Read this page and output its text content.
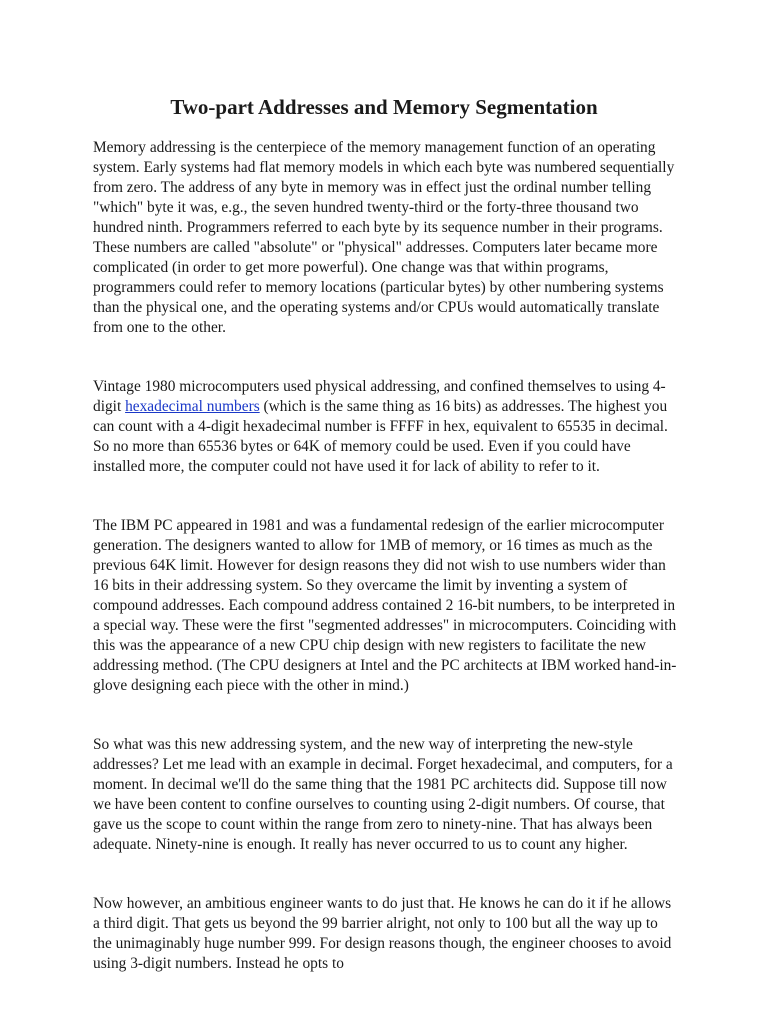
Two-part Addresses and Memory Segmentation

Memory addressing is the centerpiece of the memory management function of an operating system. Early systems had flat memory models in which each byte was numbered sequentially from zero. The address of any byte in memory was in effect just the ordinal number telling "which" byte it was, e.g., the seven hundred twenty-third or the forty-three thousand two hundred ninth. Programmers referred to each byte by its sequence number in their programs. These numbers are called "absolute" or "physical" addresses. Computers later became more complicated (in order to get more powerful). One change was that within programs, programmers could refer to memory locations (particular bytes) by other numbering systems than the physical one, and the operating systems and/or CPUs would automatically translate from one to the other.

Vintage 1980 microcomputers used physical addressing, and confined themselves to using 4-digit hexadecimal numbers (which is the same thing as 16 bits) as addresses. The highest you can count with a 4-digit hexadecimal number is FFFF in hex, equivalent to 65535 in decimal. So no more than 65536 bytes or 64K of memory could be used. Even if you could have installed more, the computer could not have used it for lack of ability to refer to it.

The IBM PC appeared in 1981 and was a fundamental redesign of the earlier microcomputer generation. The designers wanted to allow for 1MB of memory, or 16 times as much as the previous 64K limit. However for design reasons they did not wish to use numbers wider than 16 bits in their addressing system. So they overcame the limit by inventing a system of compound addresses. Each compound address contained 2 16-bit numbers, to be interpreted in a special way. These were the first "segmented addresses" in microcomputers. Coinciding with this was the appearance of a new CPU chip design with new registers to facilitate the new addressing method. (The CPU designers at Intel and the PC architects at IBM worked hand-in-glove designing each piece with the other in mind.)

So what was this new addressing system, and the new way of interpreting the new-style addresses? Let me lead with an example in decimal. Forget hexadecimal, and computers, for a moment. In decimal we'll do the same thing that the 1981 PC architects did. Suppose till now we have been content to confine ourselves to counting using 2-digit numbers. Of course, that gave us the scope to count within the range from zero to ninety-nine. That has always been adequate. Ninety-nine is enough. It really has never occurred to us to count any higher.

Now however, an ambitious engineer wants to do just that. He knows he can do it if he allows a third digit. That gets us beyond the 99 barrier alright, not only to 100 but all the way up to the unimaginably huge number 999. For design reasons though, the engineer chooses to avoid using 3-digit numbers. Instead he opts to
